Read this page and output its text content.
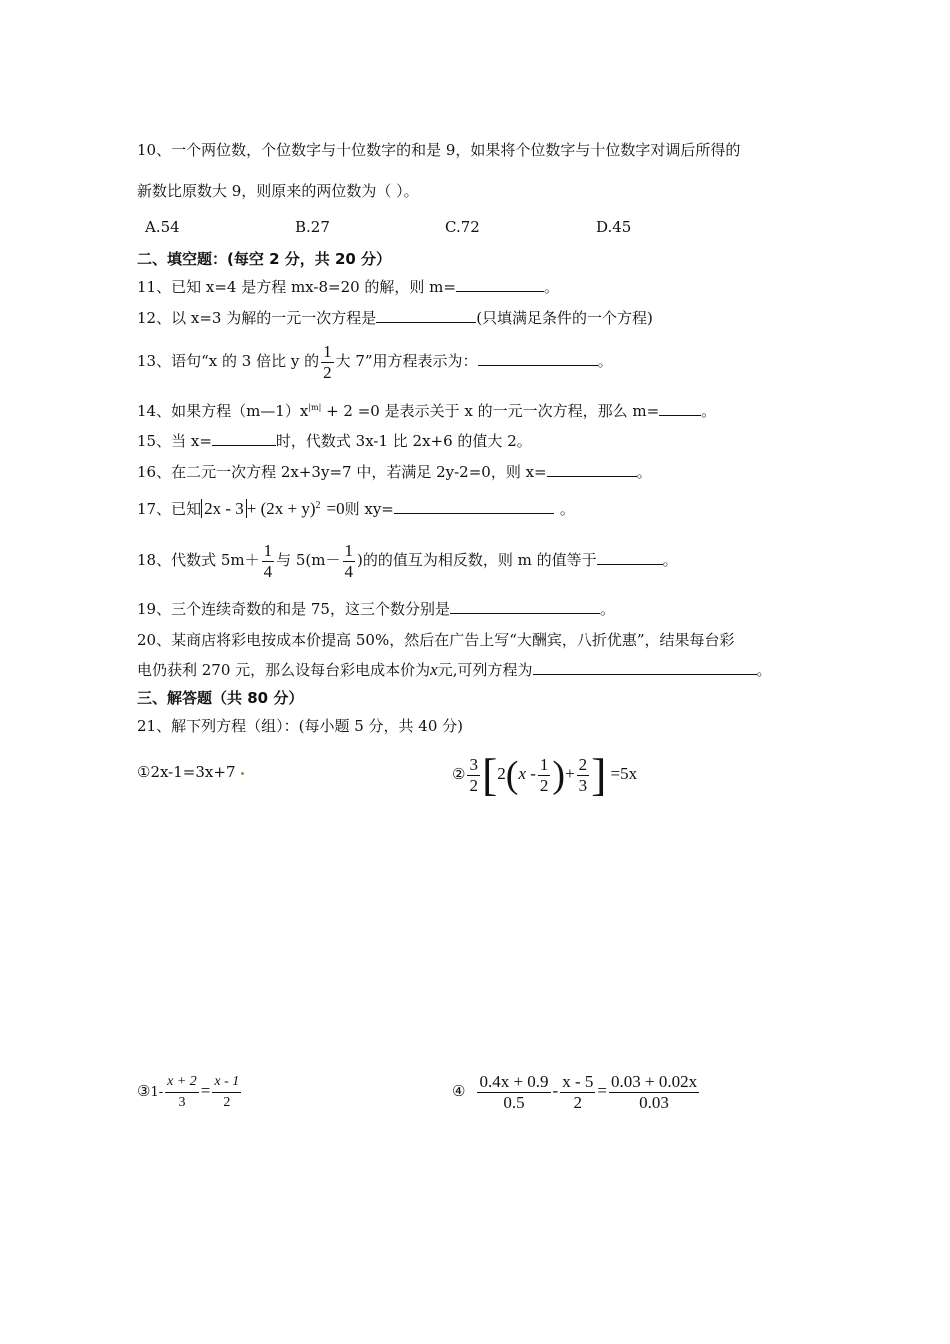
10、一个两位数，个位数字与十位数字的和是 9，如果将个位数字与十位数字对调后所得的
新数比原数大 9，则原来的两位数为（ ）。
A.54	B.27	C.72	D.45
二、填空题：(每空 2 分，共 20 分）
11、已知 x=4 是方程 mx-8=20 的解，则 m=	。
12、以 x=3 为解的一元一次方程是	(只填满足条件的一个方程)
13、语句“x 的 3 倍比 y 的 $\frac{1}{2}$ 大 7”用方程表示为：	。
14、如果方程$(m—1)x^{|m|} + 2 =0$ 是表示关于 x 的一元一次方程，那么 m=	。
15、当 x=	时，代数式 3x-1 比 2x+6 的值大 2。
16、在二元一次方程 2x+3y=7 中，若满足 2y-2=0，则 x=	。
17、已知 $2x - 3 + (2x + y)^2 =0$则 xy=	。
18、代数式 $5m+ \frac{1}{4}$ 与 $5(m- \frac{1}{4}$ )的的值互为相反数，则 m 的值等于	。
19、三个连续奇数的和是 75，这三个数分别是	。
20、某商店将彩电按成本价提高 50%，然后在广告上写“大酬宾，八折优惠”，结果每台彩
电仍获利 270 元，那么设每台彩电成本价为x元,可列方程为	。
三、解答题（共 80 分）
21、解下列方程（组）：(每小题 5 分，共 40 分)
①2x-1=3x+7	② $\frac{3}{2} [2(x - \frac{1}{2}$ )+ $\frac{2}{3}$ ] =5x
③1- $\frac{x + 2}{3} = \frac{x - 1}{2}$	④ $\frac{0.4x + 0.9}{0.5} - \frac{x - 5}{2} = \frac{0.03 + 0.02x}{0.03}$
